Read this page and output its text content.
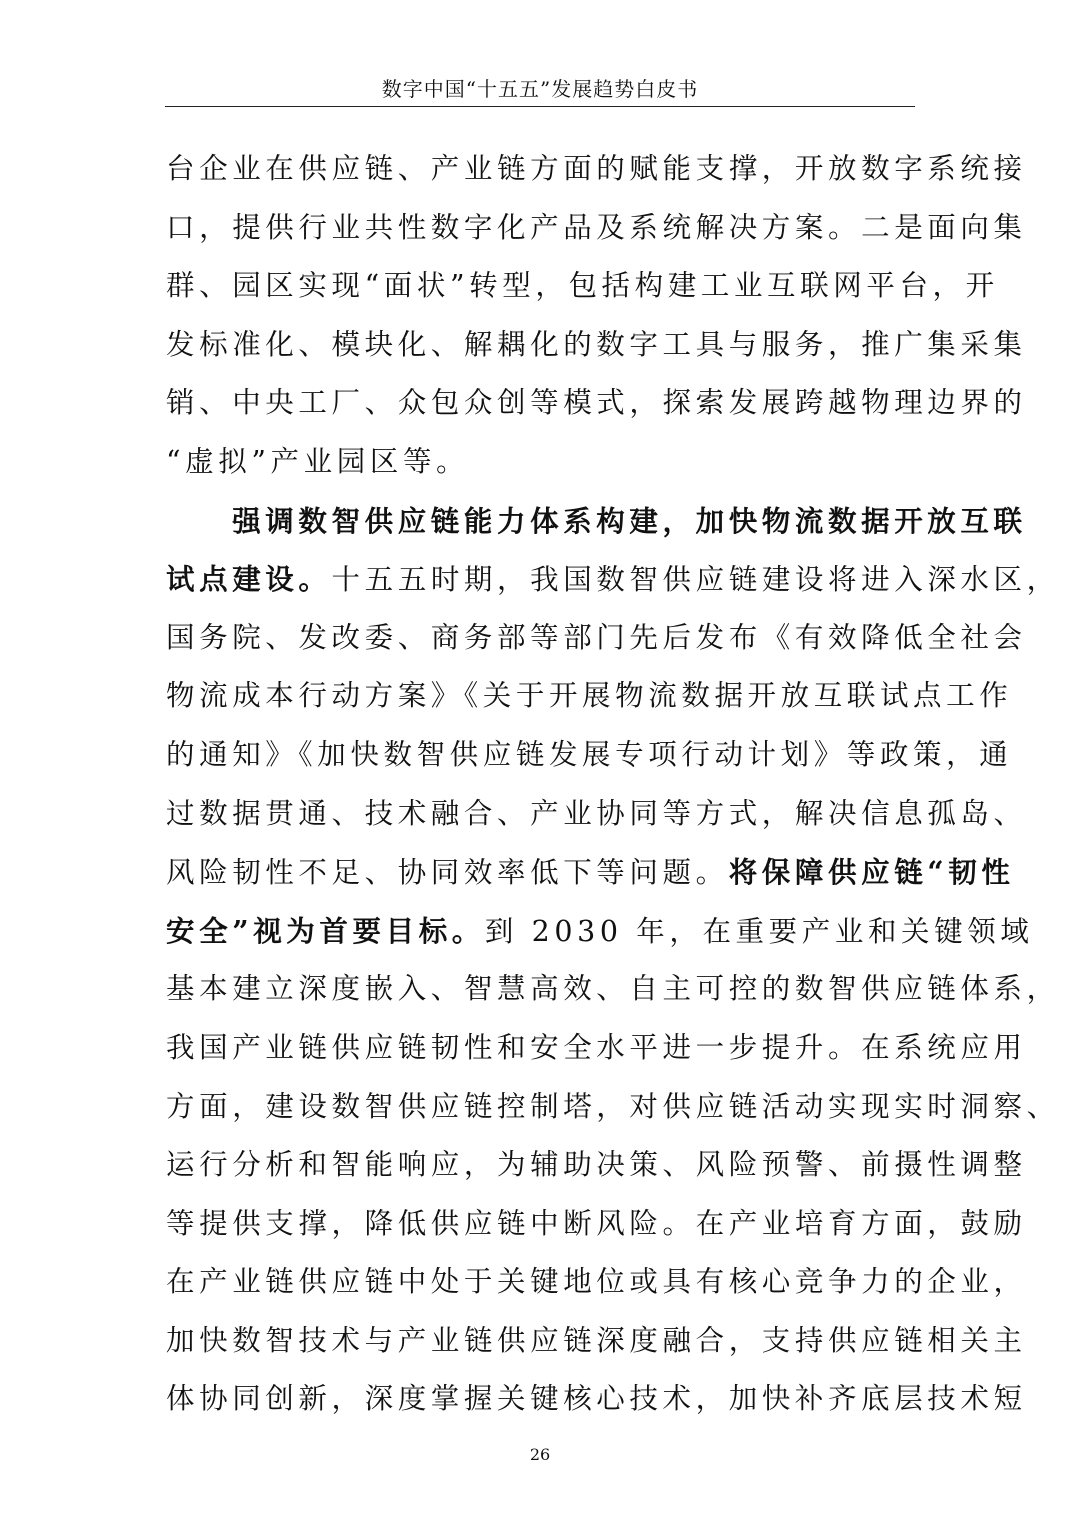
数字中国“十五五”发展趋势白皮书
台企业在供应链、产业链方面的赋能支撑，开放数字系统接
口，提供行业共性数字化产品及系统解决方案。二是面向集
群、园区实现“面状”转型，包括构建工业互联网平台，开
发标准化、模块化、解耦化的数字工具与服务，推广集采集
销、中央工厂、众包众创等模式，探索发展跨越物理边界的
“虚拟”产业园区等。
　　强调数智供应链能力体系构建，加快物流数据开放互联
试点建设。十五五时期，我国数智供应链建设将进入深水区，
国务院、发改委、商务部等部门先后发布《有效降低全社会
物流成本行动方案》《关于开展物流数据开放互联试点工作
的通知》《加快数智供应链发展专项行动计划》等政策，通
过数据贯通、技术融合、产业协同等方式，解决信息孤岛、
风险韧性不足、协同效率低下等问题。将保障供应链“韧性
安全”视为首要目标。到 2030 年，在重要产业和关键领域
基本建立深度嵌入、智慧高效、自主可控的数智供应链体系，
我国产业链供应链韧性和安全水平进一步提升。在系统应用
方面，建设数智供应链控制塔，对供应链活动实现实时洞察、
运行分析和智能响应，为辅助决策、风险预警、前摄性调整
等提供支撑，降低供应链中断风险。在产业培育方面，鼓励
在产业链供应链中处于关键地位或具有核心竞争力的企业，
加快数智技术与产业链供应链深度融合，支持供应链相关主
体协同创新，深度掌握关键核心技术，加快补齐底层技术短
26
